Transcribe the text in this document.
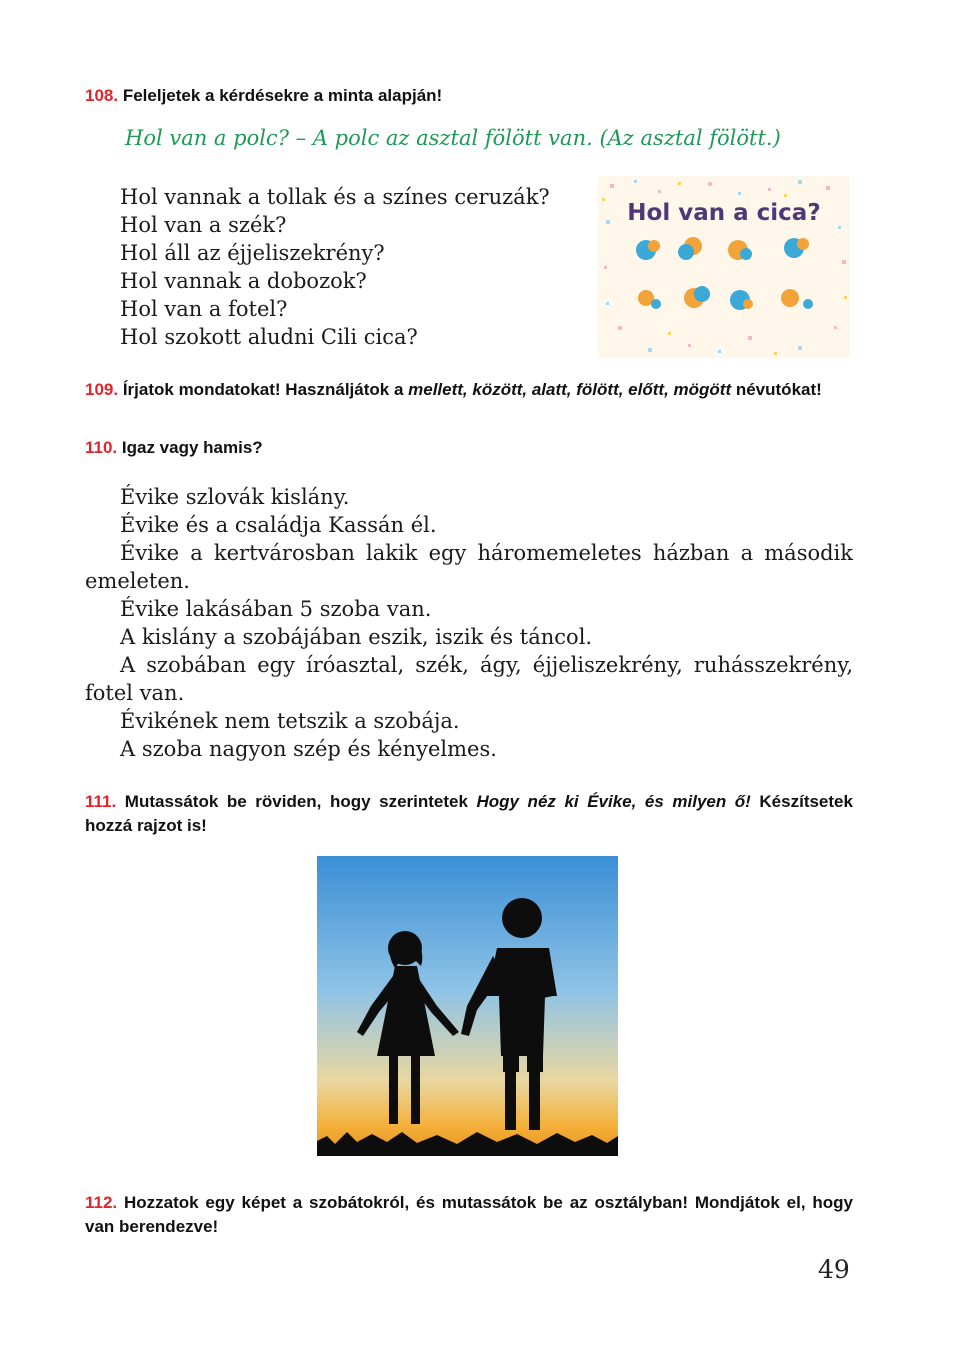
108. Feleljetek a kérdésekre a minta alapján!
Hol van a polc? – A polc az asztal fölött van. (Az asztal fölött.)
Hol vannak a tollak és a színes ceruzák?
Hol van a szék?
Hol áll az éjjeliszekrény?
Hol vannak a dobozok?
Hol van a fotel?
Hol szokott aludni Cili cica?
Hol van a cica?
109. Írjatok mondatokat! Használjátok a mellett, között, alatt, fölött, előtt, mögött névutókat!
110. Igaz vagy hamis?
Évike szlovák kislány.
Évike és a családja Kassán él.
Évike a kertvárosban lakik egy háromemeletes házban a második emeleten.
Évike lakásában 5 szoba van.
A kislány a szobájában eszik, iszik és táncol.
A szobában egy íróasztal, szék, ágy, éjjeliszekrény, ruhásszekrény, fotel van.
Évikének nem tetszik a szobája.
A szoba nagyon szép és kényelmes.
111. Mutassátok be röviden, hogy szerintetek Hogy néz ki Évike, és milyen ő! Készítsetek hozzá rajzot is!
112. Hozzatok egy képet a szobátokról, és mutassátok be az osztályban! Mondjátok el, hogy van berendezve!
49
